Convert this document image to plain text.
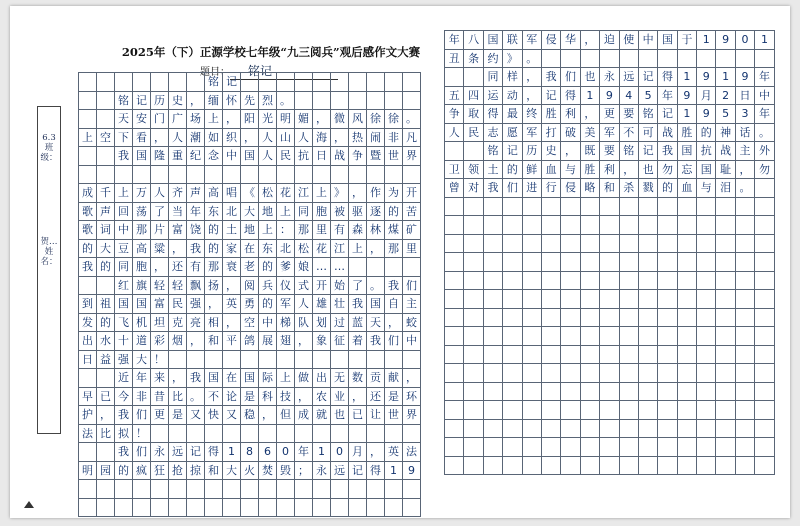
2025年（下）正源学校七年级“九三阅兵”观后感作文大赛
题目： 铭记
6.3 班级：
贺… 姓名：
铭 记
铭 记 历 史 ， 缅 怀 先 烈 。
天 安 门 广 场 上 ， 阳 光 明 媚 ， 微 风 徐 徐 。
上 空 下 看 ， 人 潮 如 织 ， 人 山 人 海 ， 热 闹 非 凡
我 国 隆 重 纪 念 中 国 人 民 抗 日 战 争 暨 世 界
成 千 上 万 人 齐 声 高 唱 《 松 花 江 上 》 ， 作 为 开
歌 声 回 荡 了 当 年 东 北 大 地 上 同 胞 被 驱 逐 的 苦
歌 词 中 那 片 富 饶 的 土 地 上 ： 那 里 有 森 林 煤 矿
的 大 豆 高 粱 ， 我 的 家 在 东 北 松 花 江 上 ， 那 里
我 的 同 胞 ， 还 有 那 衰 老 的 爹 娘 … …
红 旗 轻 轻 飘 扬 ， 阅 兵 仪 式 开 始 了 。 我 们
到 祖 国 国 富 民 强 ， 英 勇 的 军 人 雄 壮 我 国 自 主
发 的 飞 机 坦 克 亮 相 ， 空 中 梯 队 划 过 蓝 天 ， 蛟
出 水 十 道 彩 烟 ， 和 平 鸽 展 翅 ， 象 征 着 我 们 中
日 益 强 大 ！
近 年 来 ， 我 国 在 国 际 上 做 出 无 数 贡 献 ，
早 已 今 非 昔 比 。 不 论 是 科 技 ， 农 业 ， 还 是 环
护 ， 我 们 更 是 又 快 又 稳 ， 但 成 就 也 已 让 世 界
法 比 拟 ！
我 们 永 远 记 得 1	8	6	0 年 1	0 月 ， 英 法
明 园 的 疯 狂 抢 掠 和 大 火 焚 毁 ； 永 远 记 得 1	9
年 八 国 联 军 侵 华 ， 迫 使 中 国 于 1	9	0	1
丑 条 约 》 。
同 样 ， 我 们 也 永 远 记 得 1	9	1	9 年
五 四 运 动 ， 记 得 1	9	4	5 年 9 月 2 日 中
争 取 得 最 终 胜 利 ， 更 要 铭 记 1	9	5	3 年
人 民 志 愿 军 打 破 美 军 不 可 战 胜 的 神 话 。
铭 记 历 史 ， 既 要 铭 记 我 国 抗 战 主 外
卫 领 土 的 鲜 血 与 胜 利 ， 也 勿 忘 国 耻 ， 勿
曾 对 我 们 进 行 侵 略 和 杀 戮 的 血 与 泪 。
